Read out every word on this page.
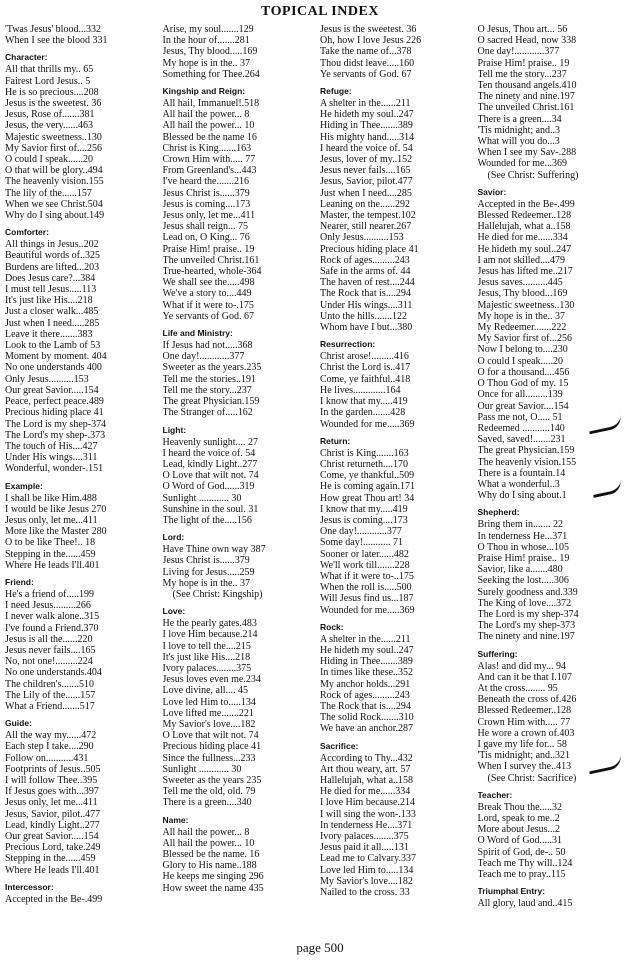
TOPICAL INDEX
'Twas Jesus' blood...332
When I see the blood 331
Character:
All that thrills my.. 65
Fairest Lord Jesus.. 5
He is so precious....208
Jesus is the sweetest. 36
Jesus, Rose of.......381
Jesus, the very......463
Majestic sweetness..130
My Savior first of....256
O could I speak......20
O that will be glory..494
The heavenly vision.155
The lily of the......157
When we see Christ.504
Why do I sing about.149
Comforter:
All things in Jesus..202
Beautiful words of..325
Burdens are lifted...203
Does Jesus care?...384
I must tell Jesus.....113
It's just like His....218
Just a closer walk...485
Just when I need.....285
Leave it there.......383
Look to the Lamb of 53
Moment by moment. 404
No one understands 400
Only Jesus..........153
Our great Savior.....154
Peace, perfect peace.489
Precious hiding place 41
The Lord is my shep-374
The Lord's my shep-.373
The touch of His....427
Under His wings....311
Wonderful, wonder-.151
Example:
I shall be like Him.488
I would be like Jesus 270
Jesus only, let me...411
More like the Master 280
O to be like Thee!.. 18
Stepping in the......459
Where He leads I'll.401
Friend:
He's a friend of.....199
I need Jesus.........266
I never walk alone..315
I've found a Friend.370
Jesus is all the......220
Jesus never fails....165
No, not one!.........224
No one understands.404
The children's.......510
The Lily of the......157
What a Friend.......517
Guide:
All the way my......472
Each step I take....290
Follow on...........431
Footprints of Jesus..505
I will follow Thee..395
If Jesus goes with...397
Jesus only, let me...411
Jesus, Savior, pilot..477
Lead, kindly Light..277
Our great Savior.....154
Precious Lord, take.249
Stepping in the......459
Where He leads I'll.401
Intercessor:
Accepted in the Be-.499
Arise, my soul.......129
In the hour of.......281
Jesus, Thy blood.....169
My hope is in the.. 37
Something for Thee.264
Kingship and Reign:
All hail, Immanuel!.518
All hail the power... 8
All hail the power... 10
Blessed be the name 16
Christ is King.......163
Crown Him with..... 77
From Greenland's...443
I've heard the.......216
Jesus Christ is......379
Jesus is coming....173
Jesus only, let me...411
Jesus shall reign... 75
Lead on, O King... 76
Praise Him! praise.. 19
The unveiled Christ.161
True-hearted, whole-364
We shall see the.....498
We've a story to....449
What if it were to-.175
Ye servants of God. 67
Life and Ministry:
If Jesus had not.....368
One day!............377
Sweeter as the years.235
Tell me the stories..191
Tell me the story...237
The great Physician.159
The Stranger of.....162
Light:
Heavenly sunlight.... 27
I heard the voice of. 54
Lead, kindly Light..277
O Love that wilt not. 74
O Word of God......319
Sunlight ............ 30
Sunshine in the soul. 31
The light of the.....156
Lord:
Have Thine own way 387
Jesus Christ is......379
Living for Jesus.....259
My hope is in the.. 37
(See Christ: Kingship)
Love:
He the pearly gates.483
I love Him because.214
I love to tell the....215
It's just like His....218
Ivory palaces........375
Jesus loves even me.234
Love divine, all.... 45
Love led Him to.....134
Love lifted me.......221
My Savior's love....182
O Love that wilt not. 74
Precious hiding place 41
Since the fullness...233
Sunlight ............ 30
Sweeter as the years 235
Tell me the old, old. 79
There is a green....340
Name:
All hail the power... 8
All hail the power... 10
Blessed be the name. 16
Glory to His name..188
He keeps me singing 296
How sweet the name 435
Jesus is the sweetest. 36
Oh, how I love Jesus 226
Take the name of...378
Thou didst leave.....160
Ye servants of God. 67
Refuge:
A shelter in the......211
He hideth my soul..247
Hiding in Thee.......389
His mighty hand.....314
I heard the voice of. 54
Jesus, lover of my..152
Jesus never fails....165
Jesus, Savior, pilot.477
Just when I need....285
Leaning on the......292
Master, the tempest.102
Nearer, still nearer.267
Only Jesus..........153
Precious hiding place 41
Rock of ages.........243
Safe in the arms of. 44
The haven of rest....244
The Rock that is....294
Under His wings....311
Unto the hills.......122
Whom have I but...380
Resurrection:
Christ arose!.........416
Christ the Lord is..417
Come, ye faithful..418
He lives.............164
I know that my.....419
In the garden.......428
Wounded for me.....369
Return:
Christ is King.......163
Christ returneth....170
Come, ye thankful..509
He is coming again.171
How great Thou art! 34
I know that my.....419
Jesus is coming....173
One day!............377
Some day!........... 71
Sooner or later......482
We'll work till.......228
What if it were to-..175
When the roll is.....500
Will Jesus find us...187
Wounded for me.....369
Rock:
A shelter in the......211
He hideth my soul..247
Hiding in Thee.......389
In times like these..352
My anchor holds...291
Rock of ages.........243
The Rock that is....294
The solid Rock.......310
We have an anchor.287
Sacrifice:
According to Thy...432
Art thou weary, art. 57
Hallelujah, what a..158
He died for me......334
I love Him because.214
I will sing the won-.133
In tenderness He....371
Ivory palaces........375
Jesus paid it all.....131
Lead me to Calvary.337
Love led Him to.....134
My Savior's love....182
Nailed to the cross. 33
O Jesus, Thou art... 56
O sacred Head, now 338
One day!............377
Praise Him! praise.. 19
Tell me the story...237
Ten thousand angels.410
The ninety and nine.197
The unveiled Christ.161
There is a green....34
'Tis midnight; and..3
What will you do...3
When I see my Sav-.288
Wounded for me...369
(See Christ: Suffering)
Savior:
Accepted in the Be-.499
Blessed Redeemer..128
Hallelujah, what a..158
He died for me......334
He hideth my soul..247
I am not skilled....479
Jesus has lifted me..217
Jesus saves..........445
Jesus, Thy blood...169
Majestic sweetness..130
My hope is in the.. 37
My Redeemer.......222
My Savior first of...256
Now I belong to....230
O could I speak.....20
O for a thousand....456
O Thou God of my. 15
Once for all.........139
Our great Savior....154
Pass me not, O..... 51
Redeemed ...........140
Saved, saved!.......231
The great Physician.159
The heavenly vision.155
There is a fountain.14
What a wonderful..3
Why do I sing about.1
Shepherd:
Bring them in....... 22
In tenderness He...371
O Thou in whose...105
Praise Him! praise.. 19
Savior, like a.......480
Seeking the lost.....306
Surely goodness and.339
The King of love....372
The Lord is my shep-374
The Lord's my shep-373
The ninety and nine.197
Suffering:
Alas! and did my... 94
And can it be that I.107
At the cross........ 95
Beneath the cross of.426
Blessed Redeemer..128
Crown Him with..... 77
He wore a crown of.403
I gave my life for... 58
'Tis midnight; and..321
When I survey the..413
(See Christ: Sacrifice)
Teacher:
Break Thou the.....32
Lord, speak to me..2
More about Jesus...2
O Word of God.....31
Spirit of God, de-.. 50
Teach me Thy will..124
Teach me to pray..115
Triumphal Entry:
All glory, laud and..415
page 500
